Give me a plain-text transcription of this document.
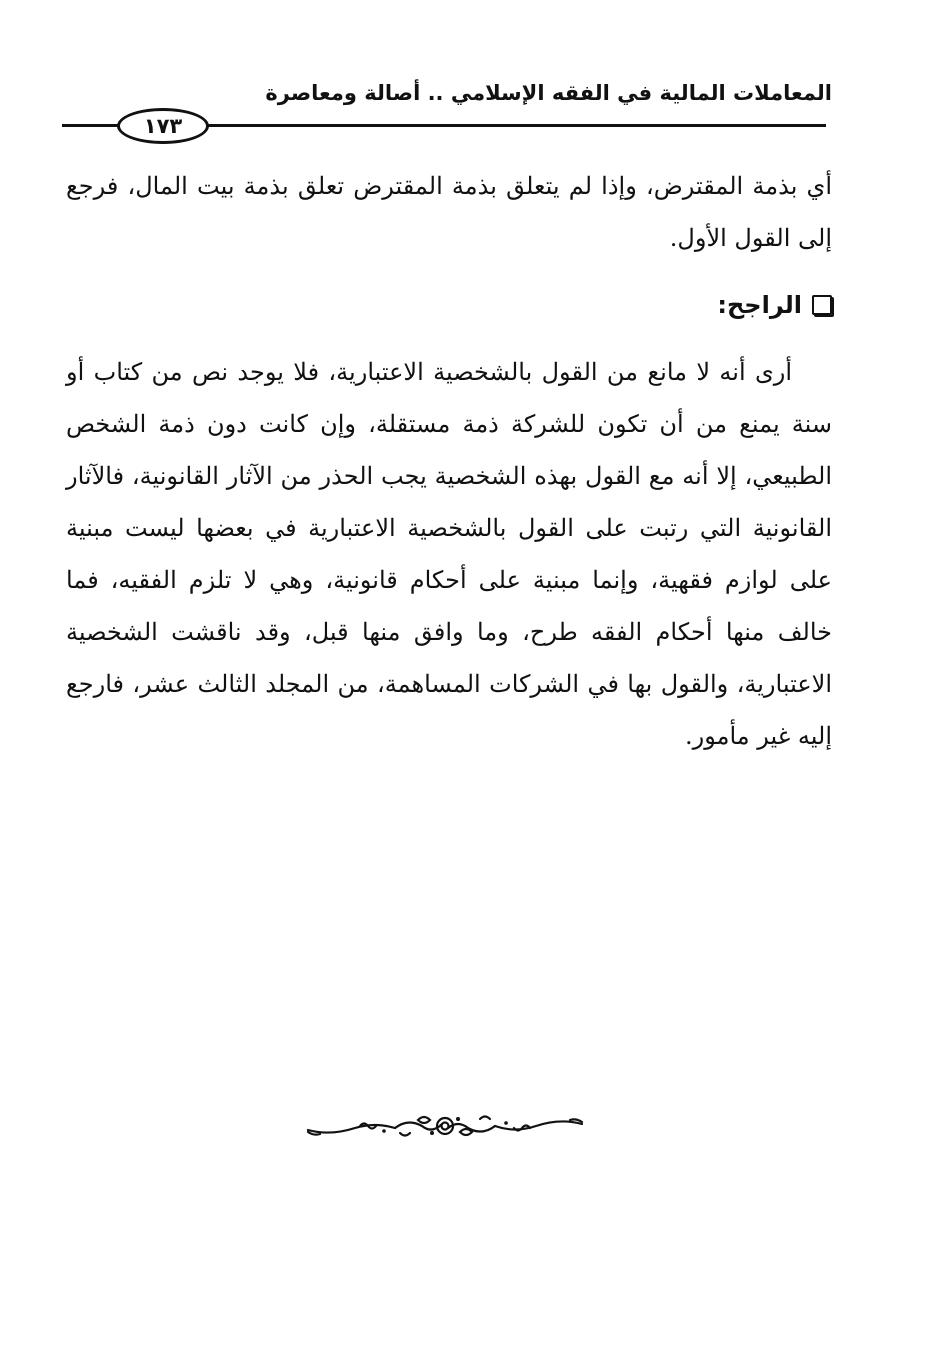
المعاملات المالية في الفقه الإسلامي .. أصالة ومعاصرة
١٧٣

أي بذمة المقترض، وإذا لم يتعلق بذمة المقترض تعلق بذمة بيت المال، فرجع إلى القول الأول.

الراجح:

أرى أنه لا مانع من القول بالشخصية الاعتبارية، فلا يوجد نص من كتاب أو سنة يمنع من أن تكون للشركة ذمة مستقلة، وإن كانت دون ذمة الشخص الطبيعي، إلا أنه مع القول بهذه الشخصية يجب الحذر من الآثار القانونية، فالآثار القانونية التي رتبت على القول بالشخصية الاعتبارية في بعضها ليست مبنية على لوازم فقهية، وإنما مبنية على أحكام قانونية، وهي لا تلزم الفقيه، فما خالف منها أحكام الفقه طرح، وما وافق منها قبل، وقد ناقشت الشخصية الاعتبارية، والقول بها في الشركات المساهمة، من المجلد الثالث عشر، فارجع إليه غير مأمور.
